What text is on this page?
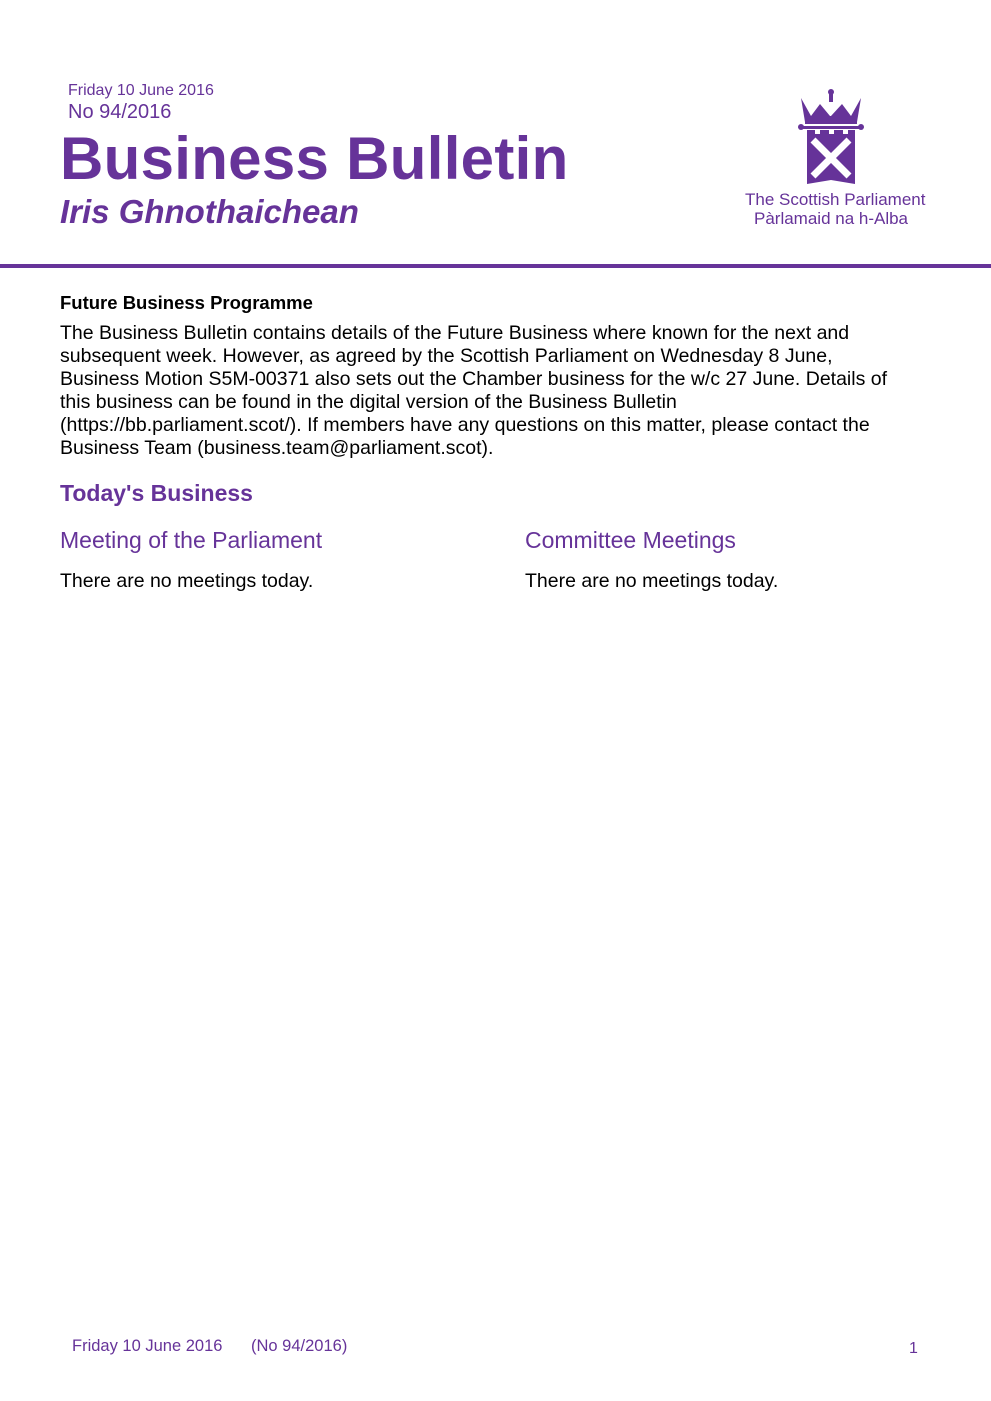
Friday 10 June 2016
No 94/2016
Business Bulletin
Iris Ghnothaichean	The Scottish Parliament
Pàrlamaid na h-Alba
Future Business Programme
The Business Bulletin contains details of the Future Business where known for the next and
subsequent week. However, as agreed by the Scottish Parliament on Wednesday 8 June,
Business Motion S5M-00371 also sets out the Chamber business for the w/c 27 June. Details of
this business can be found in the digital version of the Business Bulletin
(https://bb.parliament.scot/). If members have any questions on this matter, please contact the
Business Team (business.team@parliament.scot).
Today's Business
Meeting of the Parliament
There are no meetings today.
Committee Meetings
There are no meetings today.
Friday 10 June 2016 (No 94/2016)	1
